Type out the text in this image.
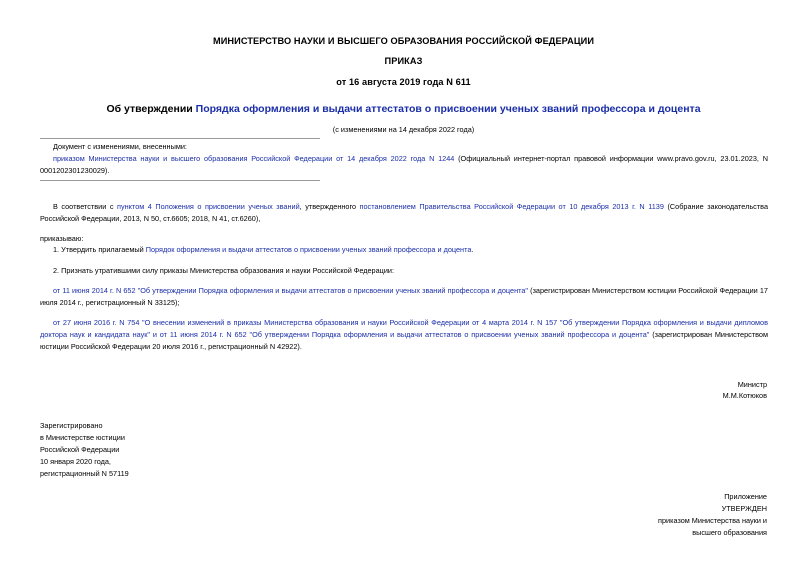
МИНИСТЕРСТВО НАУКИ И ВЫСШЕГО ОБРАЗОВАНИЯ РОССИЙСКОЙ ФЕДЕРАЦИИ
ПРИКАЗ
от 16 августа 2019 года N 611
Об утверждении Порядка оформления и выдачи аттестатов о присвоении ученых званий профессора и доцента
(с изменениями на 14 декабря 2022 года)
Документ с изменениями, внесенными:
приказом Министерства науки и высшего образования Российской Федерации от 14 декабря 2022 года N 1244 (Официальный интернет-портал правовой информации www.pravo.gov.ru, 23.01.2023, N 0001202301230029).
В соответствии с пунктом 4 Положения о присвоении ученых званий, утвержденного постановлением Правительства Российской Федерации от 10 декабря 2013 г. N 1139 (Собрание законодательства Российской Федерации, 2013, N 50, ст.6605; 2018, N 41, ст.6260),
приказываю:
1. Утвердить прилагаемый Порядок оформления и выдачи аттестатов о присвоении ученых званий профессора и доцента.
2. Признать утратившими силу приказы Министерства образования и науки Российской Федерации:
от 11 июня 2014 г. N 652 "Об утверждении Порядка оформления и выдачи аттестатов о присвоении ученых званий профессора и доцента" (зарегистрирован Министерством юстиции Российской Федерации 17 июля 2014 г., регистрационный N 33125);
от 27 июня 2016 г. N 754 "О внесении изменений в приказы Министерства образования и науки Российской Федерации от 4 марта 2014 г. N 157 "Об утверждении Порядка оформления и выдачи дипломов доктора наук и кандидата наук" и от 11 июня 2014 г. N 652 "Об утверждении Порядка оформления и выдачи аттестатов о присвоении ученых званий профессора и доцента" (зарегистрирован Министерством юстиции Российской Федерации 20 июля 2016 г., регистрационный N 42922).
Министр
М.М.Котюков

Зарегистрировано

в Министерстве юстиции

Российской Федерации

10 января 2020 года,

регистрационный N 57119

Приложение

УТВЕРЖДЕН

приказом Министерства науки и

высшего образования
